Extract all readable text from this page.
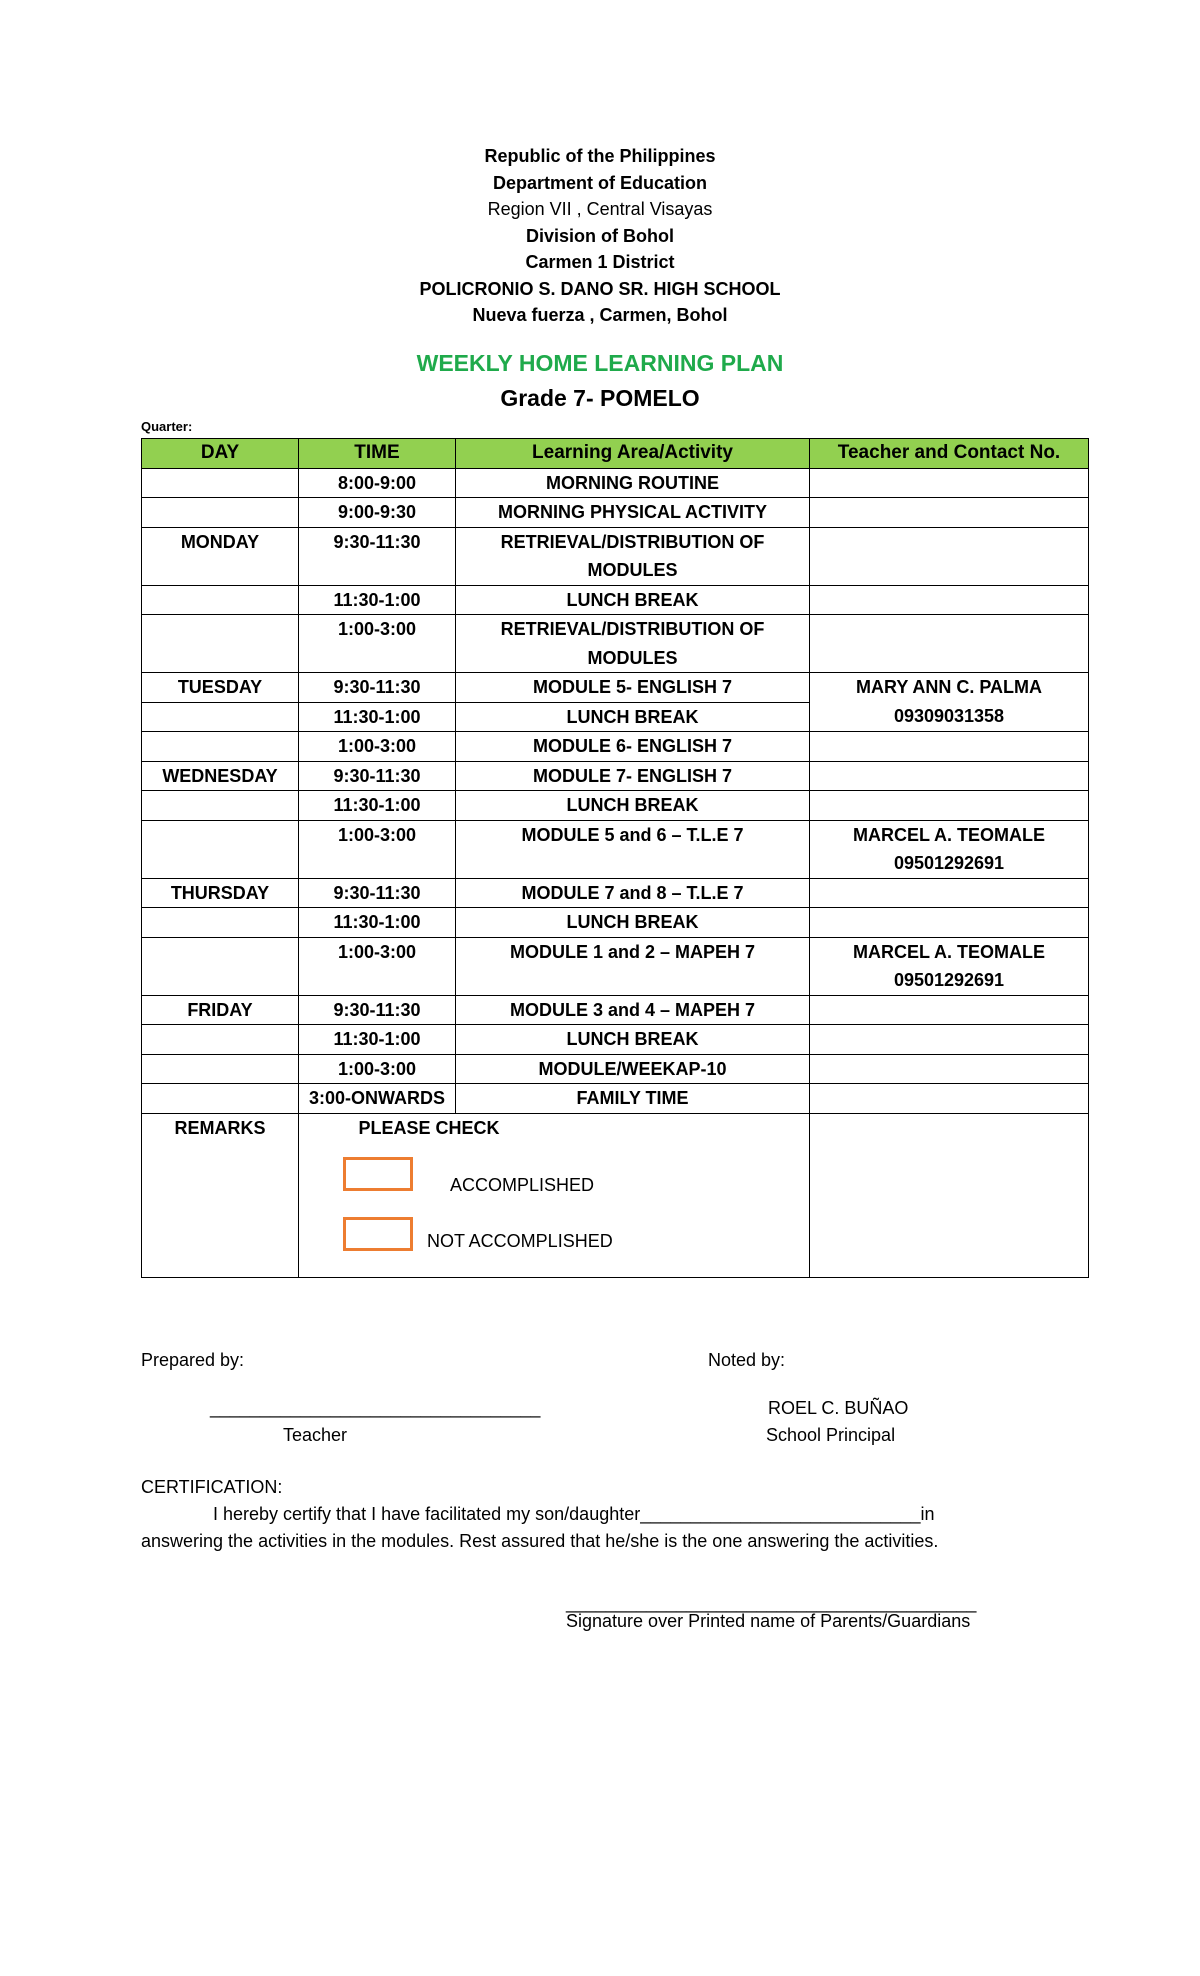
Republic of the Philippines
Department of Education
Region VII , Central Visayas
Division of Bohol
Carmen 1 District
POLICRONIO S. DANO SR. HIGH SCHOOL
Nueva fuerza , Carmen, Bohol
WEEKLY HOME LEARNING PLAN
Grade 7- POMELO
Quarter:
DAY	TIME	Learning Area/Activity	Teacher and Contact No.
	8:00-9:00	MORNING ROUTINE	
	9:00-9:30	MORNING PHYSICAL ACTIVITY	
MONDAY	9:30-11:30	RETRIEVAL/DISTRIBUTION OF MODULES	
	11:30-1:00	LUNCH BREAK	
	1:00-3:00	RETRIEVAL/DISTRIBUTION OF MODULES	
TUESDAY	9:30-11:30	MODULE 5- ENGLISH 7	MARY ANN C. PALMA 09309031358
	11:30-1:00	LUNCH BREAK	
	1:00-3:00	MODULE 6- ENGLISH 7	
WEDNESDAY	9:30-11:30	MODULE 7- ENGLISH 7	
	11:30-1:00	LUNCH BREAK	
	1:00-3:00	MODULE 5 and 6 – T.L.E 7	MARCEL A. TEOMALE 09501292691
THURSDAY	9:30-11:30	MODULE 7 and 8 – T.L.E 7	
	11:30-1:00	LUNCH BREAK	
	1:00-3:00	MODULE 1 and 2 – MAPEH 7	MARCEL A. TEOMALE 09501292691
FRIDAY	9:30-11:30	MODULE 3 and 4 – MAPEH 7	
	11:30-1:00	LUNCH BREAK	
	1:00-3:00	MODULE/WEEKAP-10	
	3:00-ONWARDS	FAMILY TIME	
REMARKS	PLEASE CHECK
ACCOMPLISHED
NOT ACCOMPLISHED		

Prepared by:	Noted by:
_________________________________
Teacher
ROEL C. BUÑAO
School Principal
CERTIFICATION:
I hereby certify that I have facilitated my son/daughter____________________________in
answering the activities in the modules. Rest assured that he/she is the one answering the activities.
_________________________________________
Signature over Printed name of Parents/Guardians
